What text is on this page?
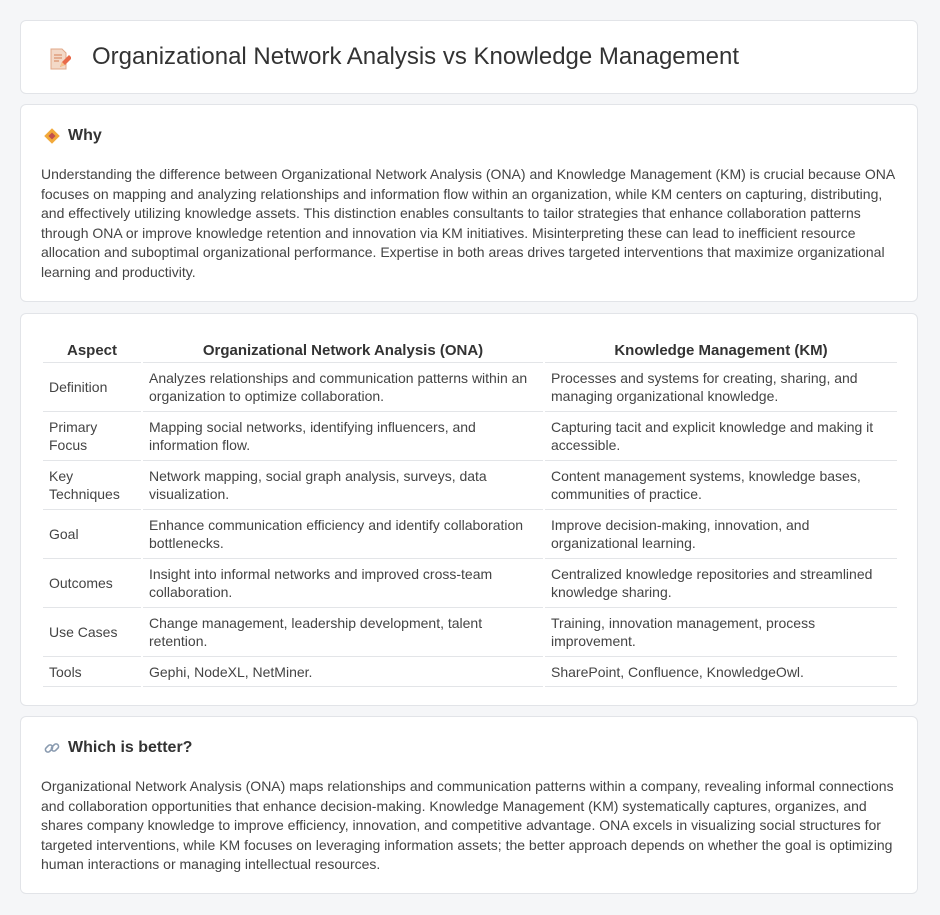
Organizational Network Analysis vs Knowledge Management
Why

Understanding the difference between Organizational Network Analysis (ONA) and Knowledge Management (KM) is crucial because ONA focuses on mapping and analyzing relationships and information flow within an organization, while KM centers on capturing, distributing, and effectively utilizing knowledge assets. This distinction enables consultants to tailor strategies that enhance collaboration patterns through ONA or improve knowledge retention and innovation via KM initiatives. Misinterpreting these can lead to inefficient resource allocation and suboptimal organizational performance. Expertise in both areas drives targeted interventions that maximize organizational learning and productivity.

Aspect	Organizational Network Analysis (ONA)	Knowledge Management (KM)
Definition	Analyzes relationships and communication patterns within an organization to optimize collaboration.	Processes and systems for creating, sharing, and managing organizational knowledge.
Primary Focus	Mapping social networks, identifying influencers, and information flow.	Capturing tacit and explicit knowledge and making it accessible.
Key Techniques	Network mapping, social graph analysis, surveys, data visualization.	Content management systems, knowledge bases, communities of practice.
Goal	Enhance communication efficiency and identify collaboration bottlenecks.	Improve decision-making, innovation, and organizational learning.
Outcomes	Insight into informal networks and improved cross-team collaboration.	Centralized knowledge repositories and streamlined knowledge sharing.
Use Cases	Change management, leadership development, talent retention.	Training, innovation management, process improvement.
Tools	Gephi, NodeXL, NetMiner.	SharePoint, Confluence, KnowledgeOwl.
Which is better?

Organizational Network Analysis (ONA) maps relationships and communication patterns within a company, revealing informal connections and collaboration opportunities that enhance decision-making. Knowledge Management (KM) systematically captures, organizes, and shares company knowledge to improve efficiency, innovation, and competitive advantage. ONA excels in visualizing social structures for targeted interventions, while KM focuses on leveraging information assets; the better approach depends on whether the goal is optimizing human interactions or managing intellectual resources.
